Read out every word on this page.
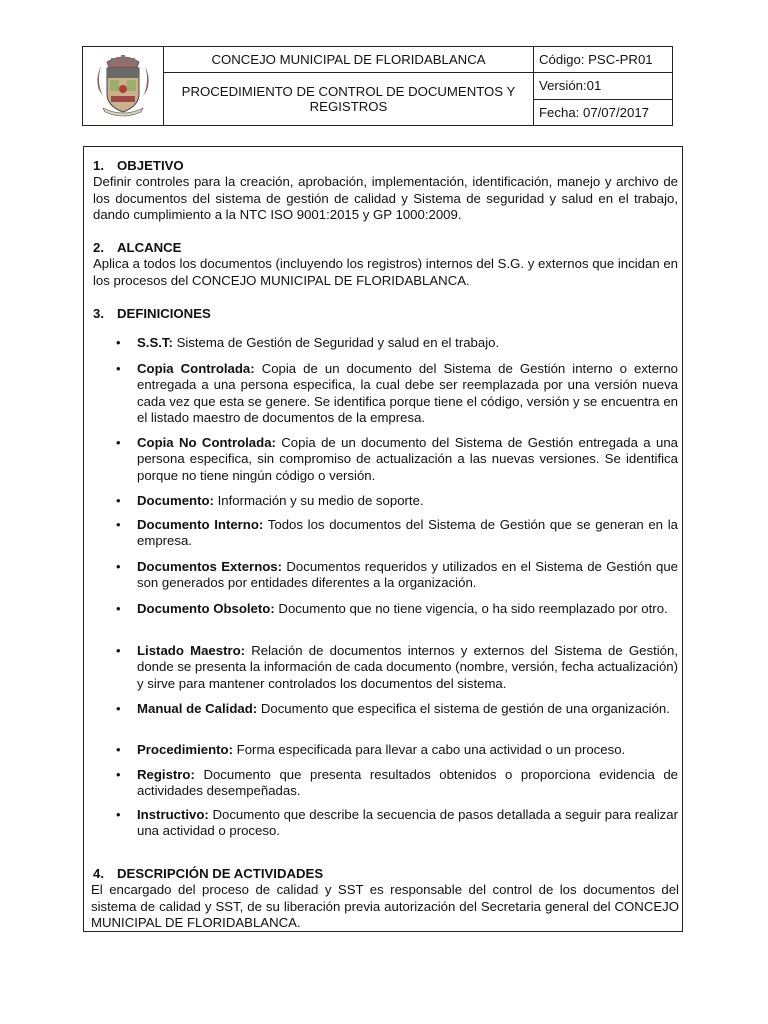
	CONCEJO MUNICIPAL DE FLORIDABLANCA	Código: PSC-PR01
	PROCEDIMIENTO DE CONTROL DE DOCUMENTOS Y REGISTROS	Versión:01
		Fecha: 07/07/2017
1. OBJETIVO
Definir controles para la creación, aprobación, implementación, identificación, manejo y archivo de los documentos del sistema de gestión de calidad y Sistema de seguridad y salud en el trabajo, dando cumplimiento a la NTC ISO 9001:2015 y GP 1000:2009.
2. ALCANCE
Aplica a todos los documentos (incluyendo los registros) internos del S.G. y externos que incidan en los procesos del CONCEJO MUNICIPAL DE FLORIDABLANCA.
3. DEFINICIONES
• S.S.T: Sistema de Gestión de Seguridad y salud en el trabajo.
• Copia Controlada: Copia de un documento del Sistema de Gestión interno o externo entregada a una persona especifica, la cual debe ser reemplazada por una versión nueva cada vez que esta se genere. Se identifica porque tiene el código, versión y se encuentra en el listado maestro de documentos de la empresa.
• Copia No Controlada: Copia de un documento del Sistema de Gestión entregada a una persona especifica, sin compromiso de actualización a las nuevas versiones. Se identifica porque no tiene ningún código o versión.
• Documento: Información y su medio de soporte.
• Documento Interno: Todos los documentos del Sistema de Gestión que se generan en la empresa.
• Documentos Externos: Documentos requeridos y utilizados en el Sistema de Gestión que son generados por entidades diferentes a la organización.
• Documento Obsoleto: Documento que no tiene vigencia, o ha sido reemplazado por otro.
• Listado Maestro: Relación de documentos internos y externos del Sistema de Gestión, donde se presenta la información de cada documento (nombre, versión, fecha actualización) y sirve para mantener controlados los documentos del sistema.
• Manual de Calidad: Documento que especifica el sistema de gestión de una organización.
• Procedimiento: Forma especificada para llevar a cabo una actividad o un proceso.
• Registro: Documento que presenta resultados obtenidos o proporciona evidencia de actividades desempeñadas.
• Instructivo: Documento que describe la secuencia de pasos detallada a seguir para realizar una actividad o proceso.
4. DESCRIPCIÓN DE ACTIVIDADES
El encargado del proceso de calidad y SST es responsable del control de los documentos del sistema de calidad y SST, de su liberación previa autorización del Secretaria general del CONCEJO MUNICIPAL DE FLORIDABLANCA.
